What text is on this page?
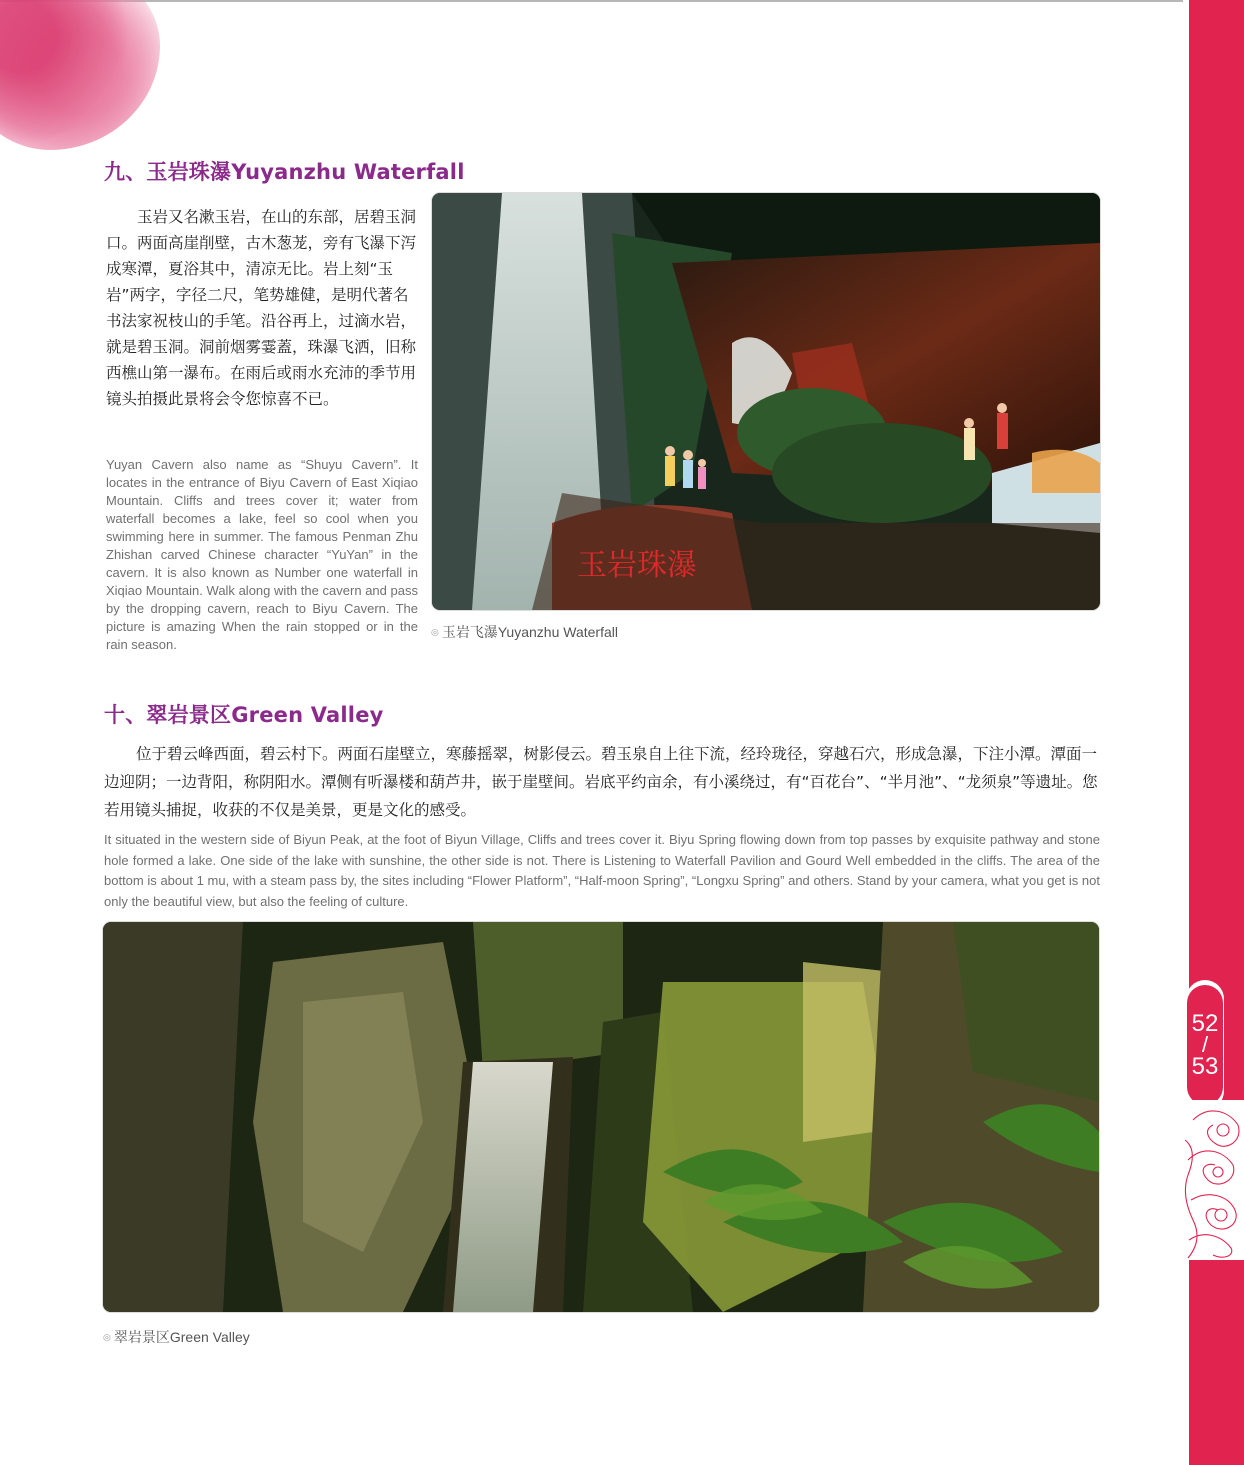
52
/
53
九、玉岩珠瀑Yuyanzhu Waterfall
玉岩又名漱玉岩，在山的东部，居碧玉洞口。两面高崖削壁，古木葱茏，旁有飞瀑下泻成寒潭，夏浴其中，清凉无比。岩上刻“玉岩”两字，字径二尺，笔势雄健，是明代著名书法家祝枝山的手笔。沿谷再上，过滴水岩，就是碧玉洞。洞前烟雾霎蓋，珠瀑飞洒，旧称西樵山第一瀑布。在雨后或雨水充沛的季节用镜头拍摄此景将会令您惊喜不已。
Yuyan Cavern also name as “Shuyu Cavern”. It locates in the entrance of Biyu Cavern of East Xiqiao Mountain. Cliffs and trees cover it; water from waterfall becomes a lake, feel so cool when you swimming here in summer. The famous Penman Zhu Zhishan carved Chinese character “YuYan” in the cavern. It is also known as Number one waterfall in Xiqiao Mountain. Walk along with the cavern and pass by the dropping cavern, reach to Biyu Cavern. The picture is amazing When the rain stopped or in the rain season.
玉岩珠瀑
◎ 玉岩飞瀑Yuyanzhu Waterfall
十、翠岩景区Green Valley
位于碧云峰西面，碧云村下。两面石崖壁立，寒藤摇翠，树影侵云。碧玉泉自上往下流，经玲珑径，穿越石穴，形成急瀑，下注小潭。潭面一边迎阴；一边背阳，称阴阳水。潭侧有听瀑楼和葫芦井，嵌于崖壁间。岩底平约亩余，有小溪绕过，有“百花台”、“半月池”、“龙须泉”等遗址。您若用镜头捕捉，收获的不仅是美景，更是文化的感受。
It situated in the western side of Biyun Peak, at the foot of Biyun Village, Cliffs and trees cover it. Biyu Spring flowing down from top passes by exquisite pathway and stone hole formed a lake. One side of the lake with sunshine, the other side is not. There is Listening to Waterfall Pavilion and Gourd Well embedded in the cliffs. The area of the bottom is about 1 mu, with a steam pass by, the sites including “Flower Platform”, “Half-moon Spring”, “Longxu Spring” and others. Stand by your camera, what you get is not only the beautiful view, but also the feeling of culture.
◎ 翠岩景区Green Valley
